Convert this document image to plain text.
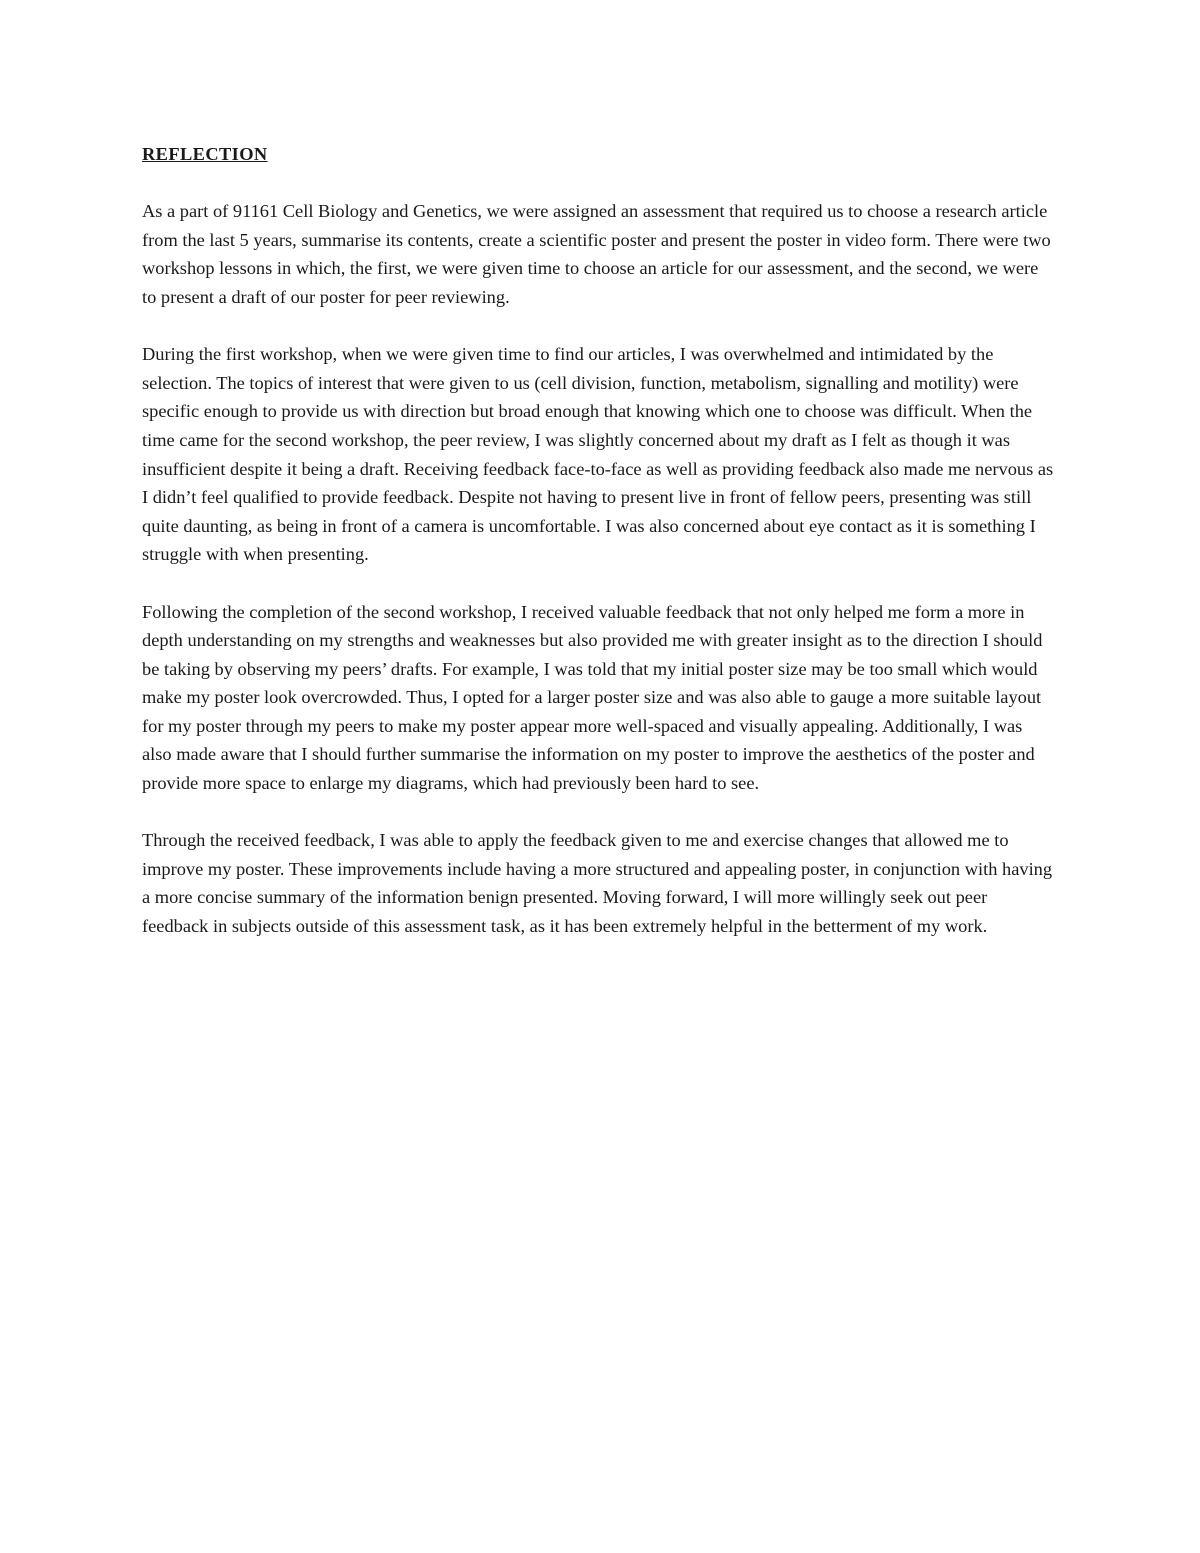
REFLECTION

As a part of 91161 Cell Biology and Genetics, we were assigned an assessment that required us to choose a research article from the last 5 years, summarise its contents, create a scientific poster and present the poster in video form. There were two workshop lessons in which, the first, we were given time to choose an article for our assessment, and the second, we were to present a draft of our poster for peer reviewing.

During the first workshop, when we were given time to find our articles, I was overwhelmed and intimidated by the selection. The topics of interest that were given to us (cell division, function, metabolism, signalling and motility) were specific enough to provide us with direction but broad enough that knowing which one to choose was difficult. When the time came for the second workshop, the peer review, I was slightly concerned about my draft as I felt as though it was insufficient despite it being a draft. Receiving feedback face-to-face as well as providing feedback also made me nervous as I didn’t feel qualified to provide feedback. Despite not having to present live in front of fellow peers, presenting was still quite daunting, as being in front of a camera is uncomfortable. I was also concerned about eye contact as it is something I struggle with when presenting.

Following the completion of the second workshop, I received valuable feedback that not only helped me form a more in depth understanding on my strengths and weaknesses but also provided me with greater insight as to the direction I should be taking by observing my peers’ drafts. For example, I was told that my initial poster size may be too small which would make my poster look overcrowded. Thus, I opted for a larger poster size and was also able to gauge a more suitable layout for my poster through my peers to make my poster appear more well-spaced and visually appealing. Additionally, I was also made aware that I should further summarise the information on my poster to improve the aesthetics of the poster and provide more space to enlarge my diagrams, which had previously been hard to see.

Through the received feedback, I was able to apply the feedback given to me and exercise changes that allowed me to improve my poster. These improvements include having a more structured and appealing poster, in conjunction with having a more concise summary of the information benign presented. Moving forward, I will more willingly seek out peer feedback in subjects outside of this assessment task, as it has been extremely helpful in the betterment of my work.
